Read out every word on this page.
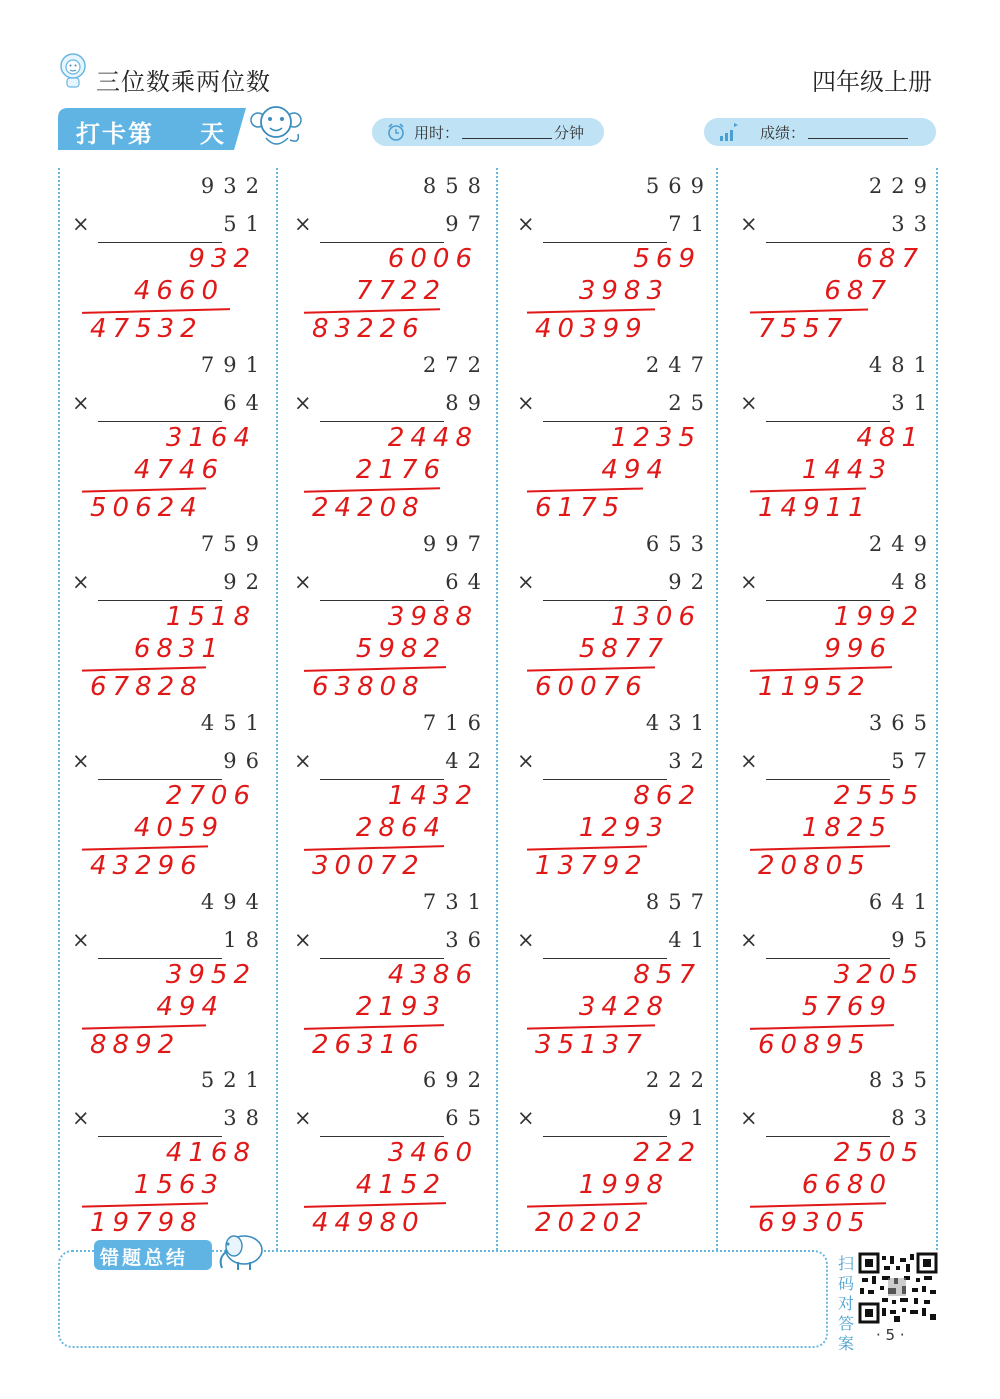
三位数乘两位数	四年级上册
打卡第 天	用时：	分钟	成绩：
932
×	51
932
4660
47532
858
×	97
6006
7722
83226
569
×	71
569
3983
40399
229
×	33
687
687
7557
791
×	64
3164
4746
50624
272
×	89
2448
2176
24208
247
×	25
1235
494
6175
481
×	31
481
1443
14911
759
×	92
1518
6831
67828
997
×	64
3988
5982
63808
653
×	92
1306
5877
60076
249
×	48
1992
996
11952
451
×	96
2706
4059
43296
716
×	42
1432
2864
30072
431
×	32
862
1293
13792
365
×	57
2555
1825
20805
494
×	18
3952
494
8892
731
×	36
4386
2193
26316
857
×	41
857
3428
35137
641
×	95
3205
5769
60895
521
×	38
4168
1563
19798
692
×	65
3460
4152
44980
222
×	91
222
1998
20202
835
×	83
2505
6680
69305
错题总结	扫码对答案 · 5 ·
